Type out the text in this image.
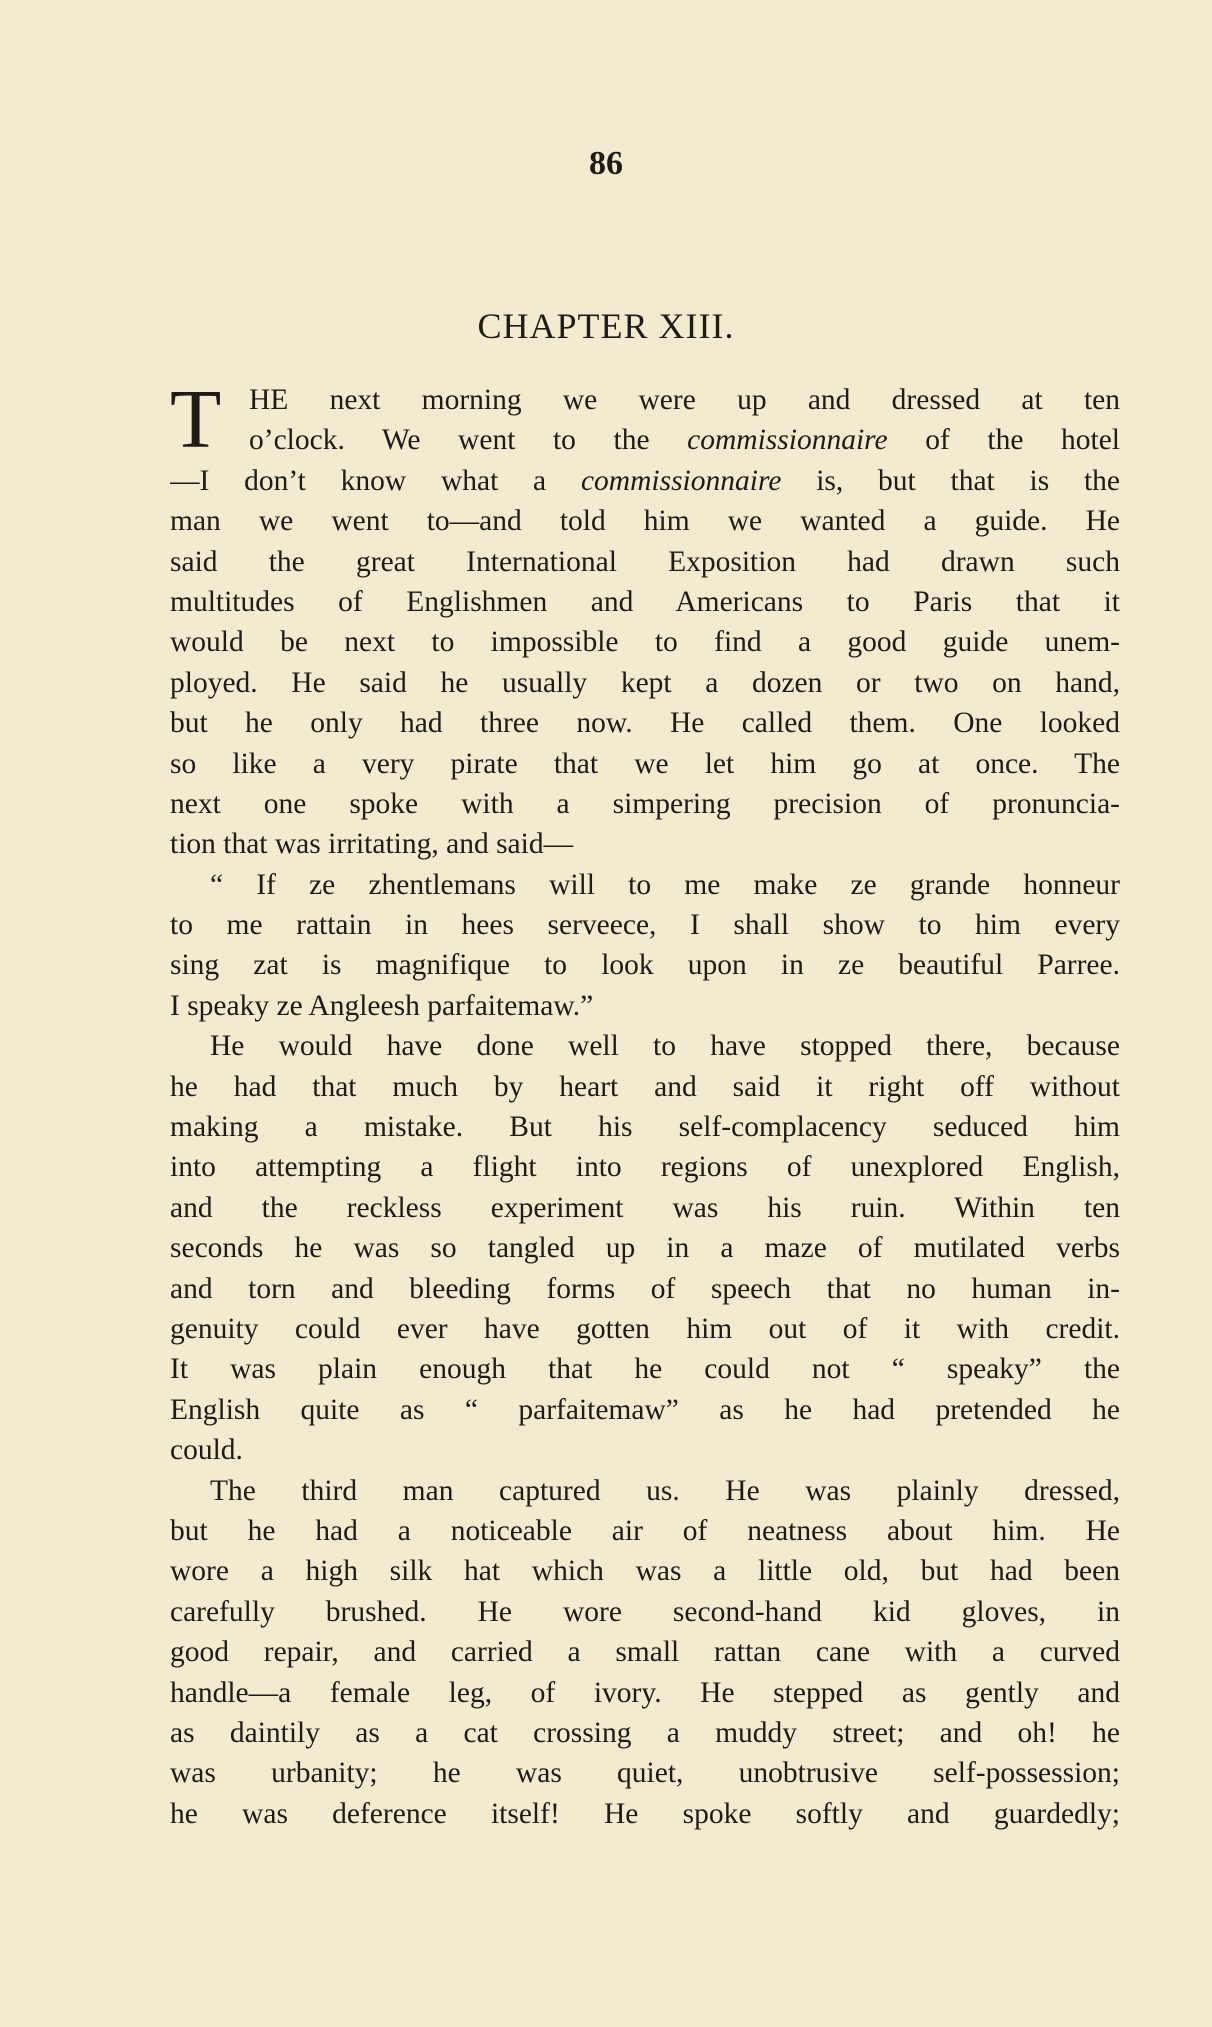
86
CHAPTER XIII.
T HE next morning we were up and dressed at ten
o’clock. We went to the commissionnaire of the hotel
—I don’t know what a commissionnaire is, but that is the
man we went to—and told him we wanted a guide. He
said the great International Exposition had drawn such
multitudes of Englishmen and Americans to Paris that it
would be next to impossible to find a good guide unem-
ployed. He said he usually kept a dozen or two on hand,
but he only had three now. He called them. One looked
so like a very pirate that we let him go at once. The
next one spoke with a simpering precision of pronuncia-
tion that was irritating, and said—
“ If ze zhentlemans will to me make ze grande honneur
to me rattain in hees serveece, I shall show to him every
sing zat is magnifique to look upon in ze beautiful Parree.
I speaky ze Angleesh parfaitemaw.”
He would have done well to have stopped there, because
he had that much by heart and said it right off without
making a mistake. But his self-complacency seduced him
into attempting a flight into regions of unexplored English,
and the reckless experiment was his ruin. Within ten
seconds he was so tangled up in a maze of mutilated verbs
and torn and bleeding forms of speech that no human in-
genuity could ever have gotten him out of it with credit.
It was plain enough that he could not “ speaky” the
English quite as “ parfaitemaw” as he had pretended he
could.
The third man captured us. He was plainly dressed,
but he had a noticeable air of neatness about him. He
wore a high silk hat which was a little old, but had been
carefully brushed. He wore second-hand kid gloves, in
good repair, and carried a small rattan cane with a curved
handle—a female leg, of ivory. He stepped as gently and
as daintily as a cat crossing a muddy street; and oh! he
was urbanity; he was quiet, unobtrusive self-possession;
he was deference itself! He spoke softly and guardedly;
